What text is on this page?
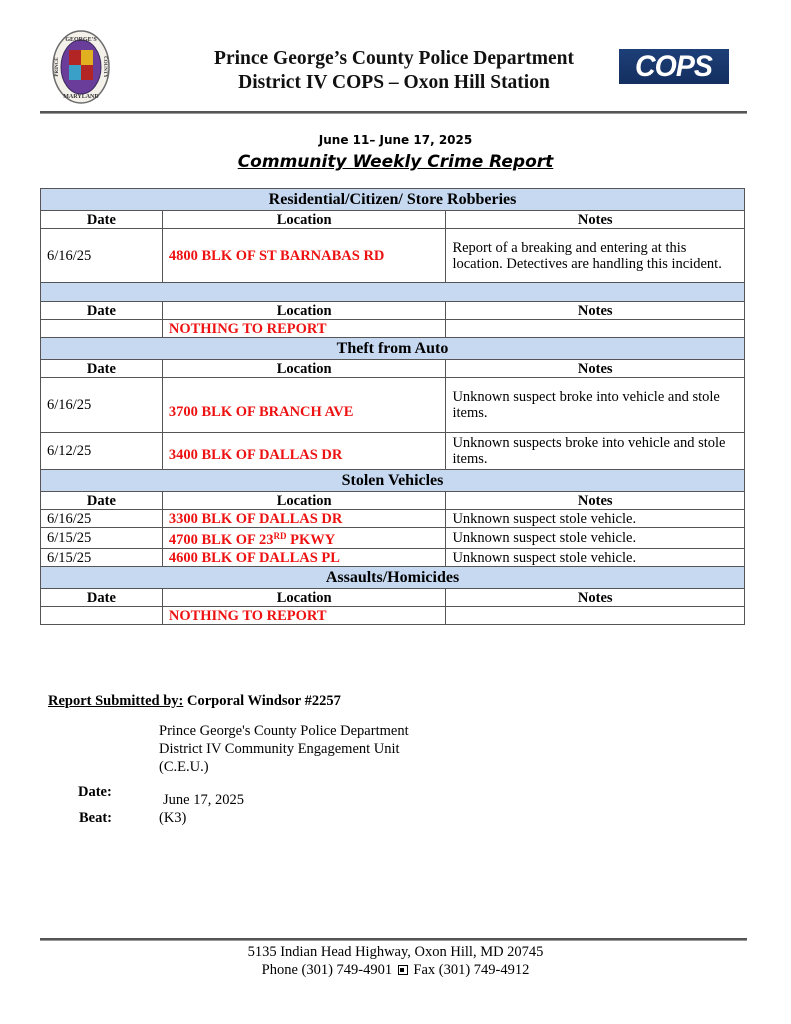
GEORGE'S
MARYLAND
PRINCE	COUNTY	Prince George’s County Police Department
District IV COPS – Oxon Hill Station	COPS
June 11– June 17, 2025
Community Weekly Crime Report
Residential/Citizen/ Store Robberies		
Date	Location	Notes
6/16/25	4800 BLK OF ST BARNABAS RD	Report of a breaking and entering at this location. Detectives are handling this incident.

Date	Location	Notes
	NOTHING TO REPORT	
Theft from Auto		
Date	Location	Notes
6/16/25	3700 BLK OF BRANCH AVE	Unknown suspect broke into vehicle and stole items.
6/12/25	3400 BLK OF DALLAS DR	Unknown suspects broke into vehicle and stole items.
Stolen Vehicles		
Date	Location	Notes
6/16/25	3300 BLK OF DALLAS DR	Unknown suspect stole vehicle.
6/15/25	4700 BLK OF 23RD PKWY	Unknown suspect stole vehicle.
6/15/25	4600 BLK OF DALLAS PL	Unknown suspect stole vehicle.
Assaults/Homicides		
Date	Location	Notes
	NOTHING TO REPORT	
Report Submitted by: Corporal Windsor #2257
Prince George's County Police Department
District IV Community Engagement Unit
(C.E.U.)
Date:	June 17, 2025
Beat:	(K3)
5135 Indian Head Highway, Oxon Hill, MD 20745
Phone (301) 749-4901 Fax (301) 749-4912
